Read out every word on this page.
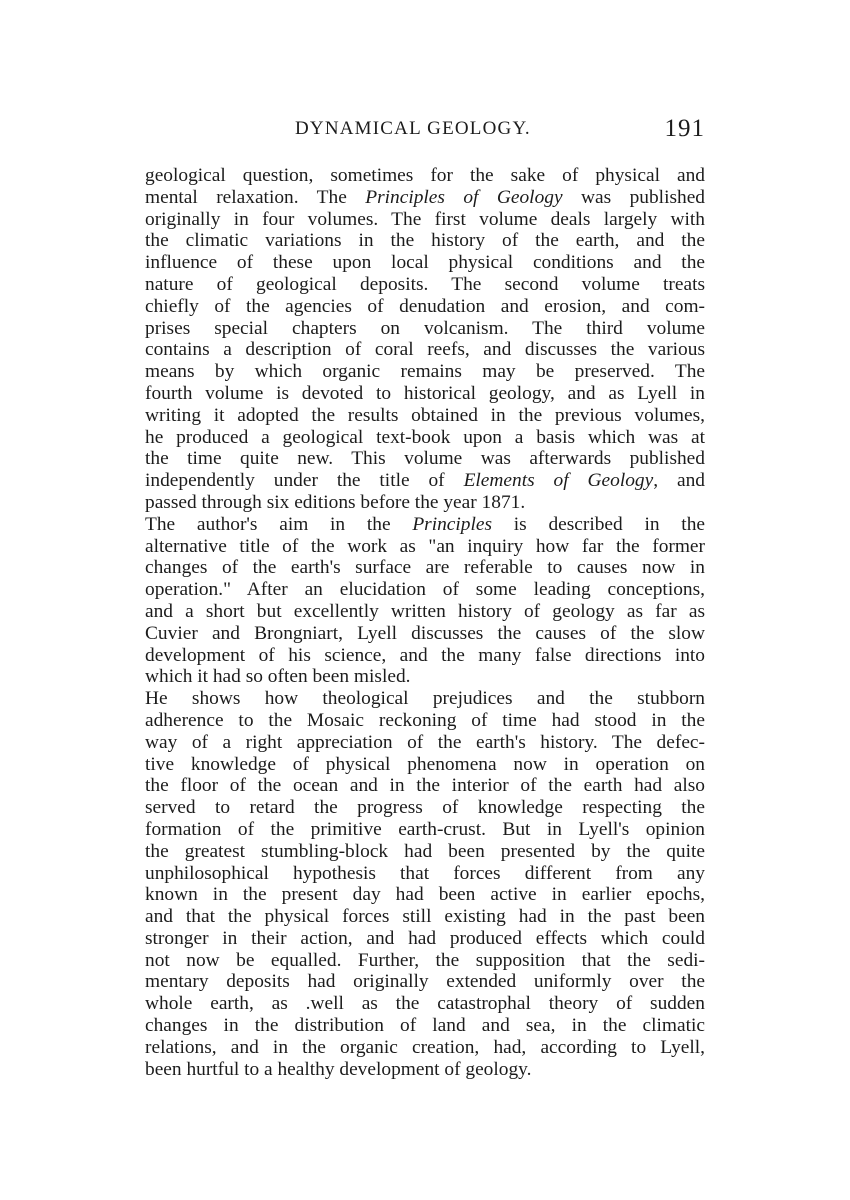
DYNAMICAL GEOLOGY.	191
geological question, sometimes for the sake of physical and
mental relaxation. The Principles of Geology was published
originally in four volumes. The first volume deals largely with
the climatic variations in the history of the earth, and the
influence of these upon local physical conditions and the
nature of geological deposits. The second volume treats
chiefly of the agencies of denudation and erosion, and com-
prises special chapters on volcanism. The third volume
contains a description of coral reefs, and discusses the various
means by which organic remains may be preserved. The
fourth volume is devoted to historical geology, and as Lyell in
writing it adopted the results obtained in the previous volumes,
he produced a geological text-book upon a basis which was at
the time quite new. This volume was afterwards published
independently under the title of Elements of Geology, and
passed through six editions before the year 1871.
The author's aim in the Principles is described in the
alternative title of the work as "an inquiry how far the former
changes of the earth's surface are referable to causes now in
operation." After an elucidation of some leading conceptions,
and a short but excellently written history of geology as far as
Cuvier and Brongniart, Lyell discusses the causes of the slow
development of his science, and the many false directions into
which it had so often been misled.
He shows how theological prejudices and the stubborn
adherence to the Mosaic reckoning of time had stood in the
way of a right appreciation of the earth's history. The defec-
tive knowledge of physical phenomena now in operation on
the floor of the ocean and in the interior of the earth had also
served to retard the progress of knowledge respecting the
formation of the primitive earth-crust. But in Lyell's opinion
the greatest stumbling-block had been presented by the quite
unphilosophical hypothesis that forces different from any
known in the present day had been active in earlier epochs,
and that the physical forces still existing had in the past been
stronger in their action, and had produced effects which could
not now be equalled. Further, the supposition that the sedi-
mentary deposits had originally extended uniformly over the
whole earth, as .well as the catastrophal theory of sudden
changes in the distribution of land and sea, in the climatic
relations, and in the organic creation, had, according to Lyell,
been hurtful to a healthy development of geology.
